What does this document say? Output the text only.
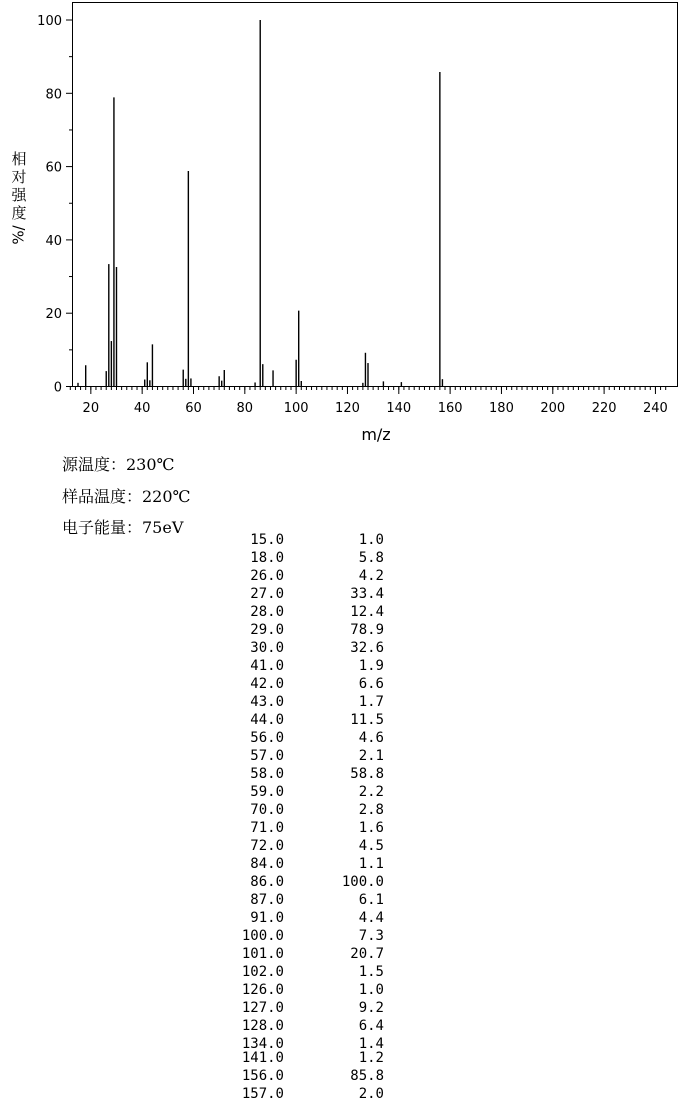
0
20
40
60
80
100
20	40	60	80 100 120 140 160 180 200 220 240
m/z
相
对
强
度
%/
源温度：230℃
样品温度：220℃
电子能量：75eV
15.0	1.0
18.0	5.8
26.0	4.2
27.0	33.4
28.0	12.4
29.0	78.9
30.0	32.6
41.0	1.9
42.0	6.6
43.0	1.7
44.0	11.5
56.0	4.6
57.0	2.1
58.0	58.8
59.0	2.2
70.0	2.8
71.0	1.6
72.0	4.5
84.0	1.1
86.0	100.0
87.0	6.1
91.0	4.4
100.0	7.3
101.0	20.7
102.0	1.5
126.0	1.0
127.0	9.2
128.0	6.4
134.0	1.4
141.0	1.2
156.0	85.8
157.0	2.0
